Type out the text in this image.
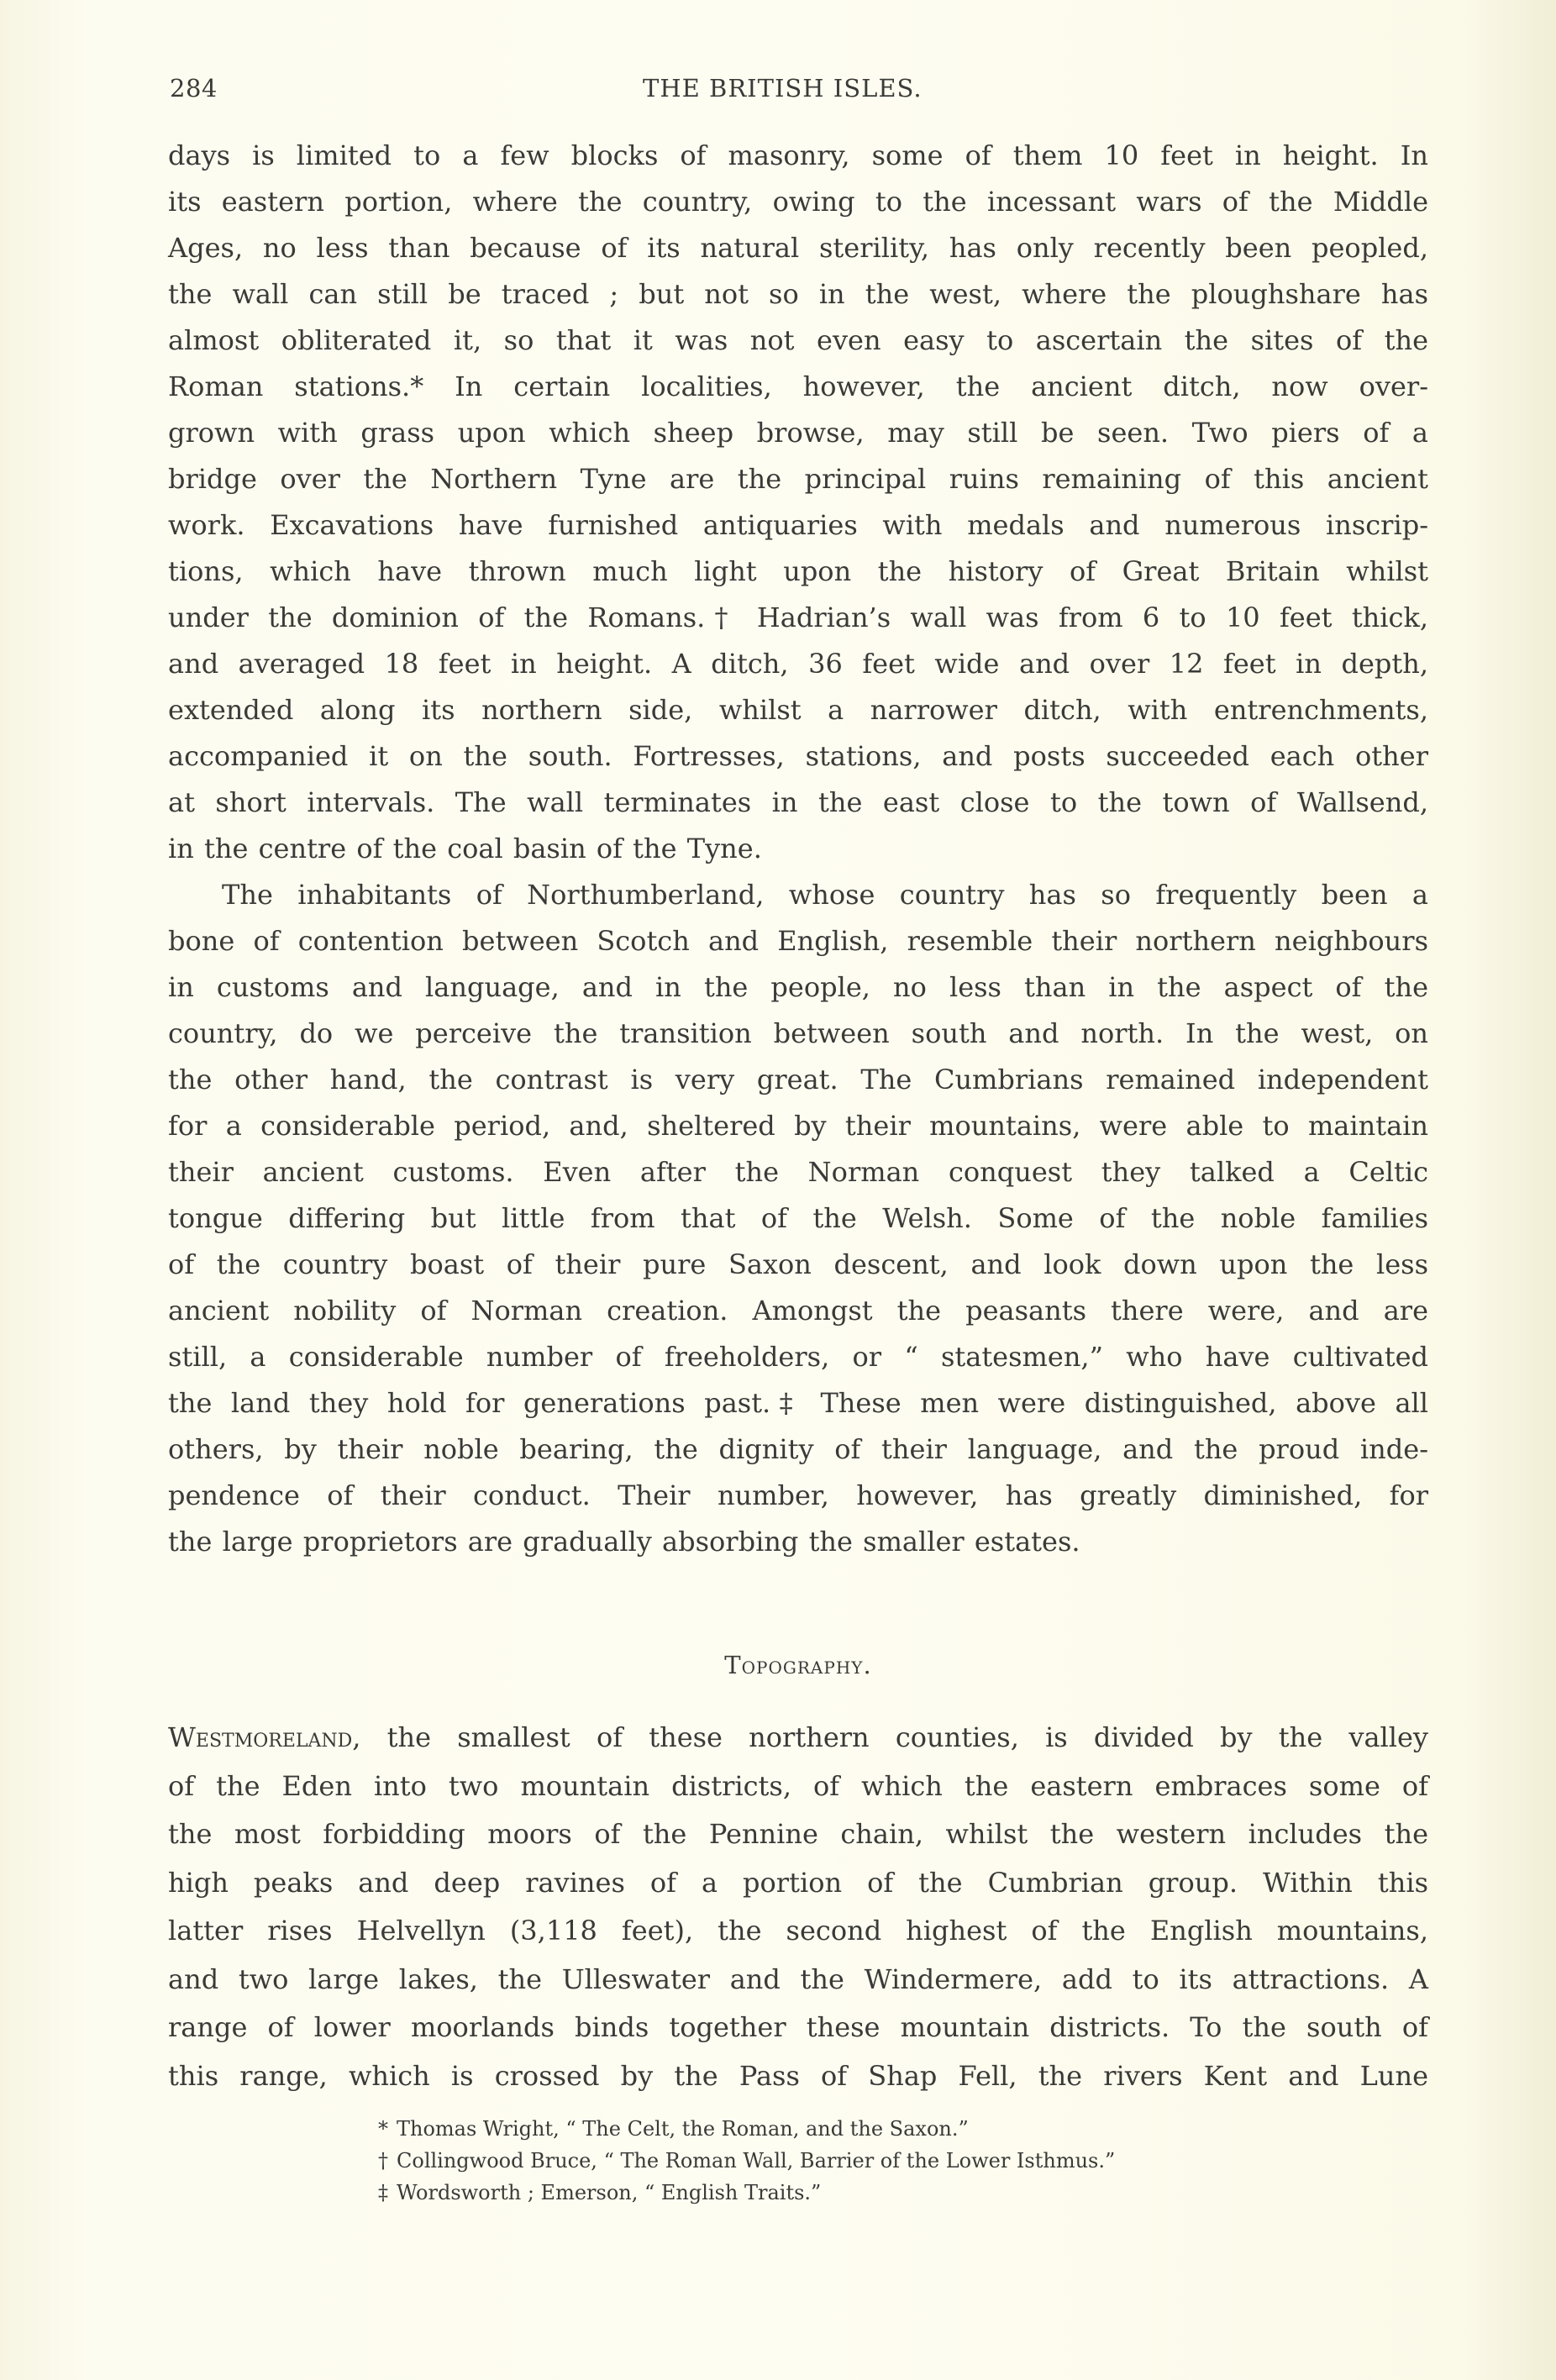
284	THE BRITISH ISLES.
days is limited to a few blocks of masonry, some of them 10 feet in height. In
its eastern portion, where the country, owing to the incessant wars of the Middle
Ages, no less than because of its natural sterility, has only recently been peopled,
the wall can still be traced ; but not so in the west, where the ploughshare has
almost obliterated it, so that it was not even easy to ascertain the sites of the
Roman stations.* In certain localities, however, the ancient ditch, now over-
grown with grass upon which sheep browse, may still be seen. Two piers of a
bridge over the Northern Tyne are the principal ruins remaining of this ancient
work. Excavations have furnished antiquaries with medals and numerous inscrip-
tions, which have thrown much light upon the history of Great Britain whilst
under the dominion of the Romans.† Hadrian’s wall was from 6 to 10 feet thick,
and averaged 18 feet in height. A ditch, 36 feet wide and over 12 feet in depth,
extended along its northern side, whilst a narrower ditch, with entrenchments,
accompanied it on the south. Fortresses, stations, and posts succeeded each other
at short intervals. The wall terminates in the east close to the town of Wallsend,
in the centre of the coal basin of the Tyne.
The inhabitants of Northumberland, whose country has so frequently been a
bone of contention between Scotch and English, resemble their northern neighbours
in customs and language, and in the people, no less than in the aspect of the
country, do we perceive the transition between south and north. In the west, on
the other hand, the contrast is very great. The Cumbrians remained independent
for a considerable period, and, sheltered by their mountains, were able to maintain
their ancient customs. Even after the Norman conquest they talked a Celtic
tongue differing but little from that of the Welsh. Some of the noble families
of the country boast of their pure Saxon descent, and look down upon the less
ancient nobility of Norman creation. Amongst the peasants there were, and are
still, a considerable number of freeholders, or “ statesmen,” who have cultivated
the land they hold for generations past.‡ These men were distinguished, above all
others, by their noble bearing, the dignity of their language, and the proud inde-
pendence of their conduct. Their number, however, has greatly diminished, for
the large proprietors are gradually absorbing the smaller estates.
Topography.
Westmoreland, the smallest of these northern counties, is divided by the valley
of the Eden into two mountain districts, of which the eastern embraces some of
the most forbidding moors of the Pennine chain, whilst the western includes the
high peaks and deep ravines of a portion of the Cumbrian group. Within this
latter rises Helvellyn (3,118 feet), the second highest of the English mountains,
and two large lakes, the Ulleswater and the Windermere, add to its attractions. A
range of lower moorlands binds together these mountain districts. To the south of
this range, which is crossed by the Pass of Shap Fell, the rivers Kent and Lune
* Thomas Wright, “ The Celt, the Roman, and the Saxon.”
† Collingwood Bruce, “ The Roman Wall, Barrier of the Lower Isthmus.”
‡ Wordsworth ; Emerson, “ English Traits.”
